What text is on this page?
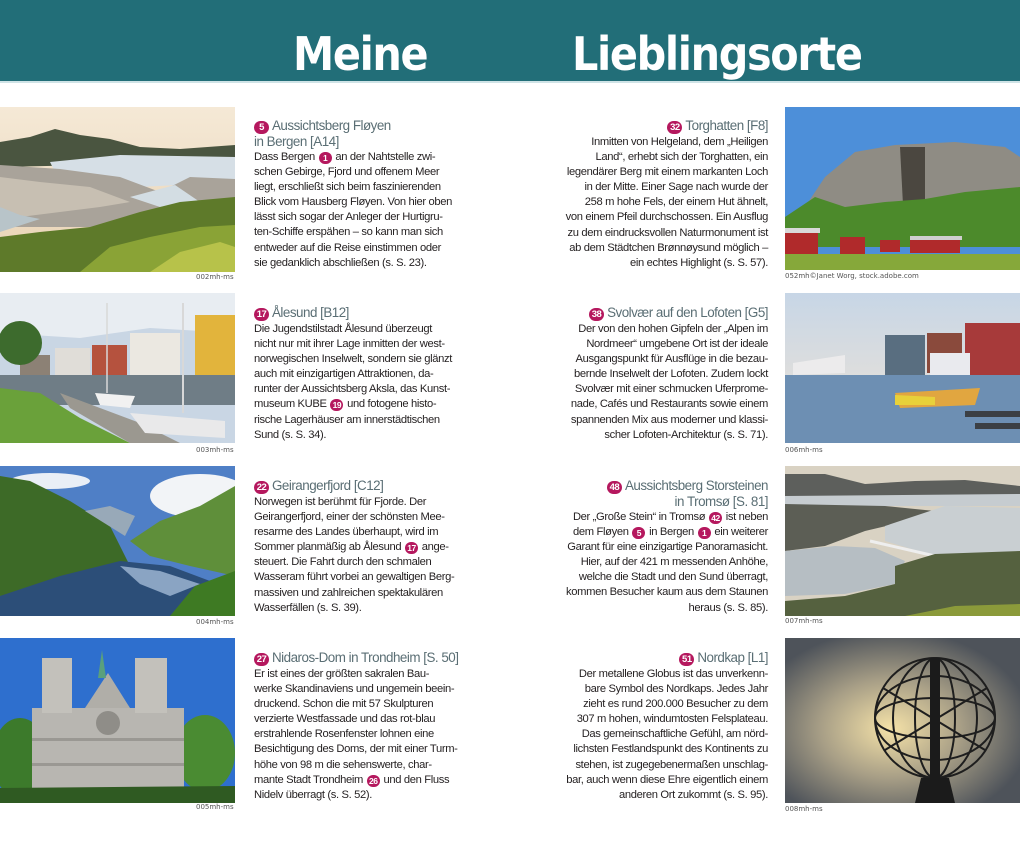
Meine	Lieblingsorte
002mh-ms
003mh-ms
004mh-ms
005mh-ms
052mh©Janet Worg, stock.adobe.com
006mh-ms
007mh-ms
008mh-ms
5 Aussichtsberg Fløyen
in Bergen [A14]
Dass Bergen 1 an der Nahtstelle zwi-
schen Gebirge, Fjord und offenem Meer
liegt, erschließt sich beim faszinierenden
Blick vom Hausberg Fløyen. Von hier oben
lässt sich sogar der Anleger der Hurtigru-
ten-Schiffe erspähen – so kann man sich
entweder auf die Reise einstimmen oder
sie gedanklich abschließen (s. S. 23).
17 Ålesund [B12]
Die Jugendstilstadt Ålesund überzeugt
nicht nur mit ihrer Lage inmitten der west-
norwegischen Inselwelt, sondern sie glänzt
auch mit einzigartigen Attraktionen, da-
runter der Aussichtsberg Aksla, das Kunst-
museum KUBE 19 und fotogene histo-
rische Lagerhäuser am innerstädtischen
Sund (s. S. 34).
22 Geirangerfjord [C12]
Norwegen ist berühmt für Fjorde. Der
Geirangerfjord, einer der schönsten Mee-
resarme des Landes überhaupt, wird im
Sommer planmäßig ab Ålesund 17 ange-
steuert. Die Fahrt durch den schmalen
Wasseram führt vorbei an gewaltigen Berg-
massiven und zahlreichen spektakulären
Wasserfällen (s. S. 39).
27 Nidaros-Dom in Trondheim [S. 50]
Er ist eines der größten sakralen Bau-
werke Skandinaviens und ungemein beein-
druckend. Schon die mit 57 Skulpturen
verzierte Westfassade und das rot-blau
erstrahlende Rosenfenster lohnen eine
Besichtigung des Doms, der mit einer Turm-
höhe von 98 m die sehenswerte, char-
mante Stadt Trondheim 26 und den Fluss
Nidelv überragt (s. S. 52).
32 Torghatten [F8]
Inmitten von Helgeland, dem „Heiligen
Land“, erhebt sich der Torghatten, ein
legendärer Berg mit einem markanten Loch
in der Mitte. Einer Sage nach wurde der
258 m hohe Fels, der einem Hut ähnelt,
von einem Pfeil durchschossen. Ein Ausflug
zu dem eindrucksvollen Naturmonument ist
ab dem Städtchen Brønnøysund möglich –
ein echtes Highlight (s. S. 57).
38 Svolvær auf den Lofoten [G5]
Der von den hohen Gipfeln der „Alpen im
Nordmeer“ umgebene Ort ist der ideale
Ausgangspunkt für Ausflüge in die bezau-
bernde Inselwelt der Lofoten. Zudem lockt
Svolvær mit einer schmucken Uferprome-
nade, Cafés und Restaurants sowie einem
spannenden Mix aus moderner und klassi-
scher Lofoten-Architektur (s. S. 71).
48 Aussichtsberg Storsteinen
in Tromsø [S. 81]
Der „Große Stein“ in Tromsø 42 ist neben
dem Fløyen 5 in Bergen 1 ein weiterer
Garant für eine einzigartige Panoramasicht.
Hier, auf der 421 m messenden Anhöhe,
welche die Stadt und den Sund überragt,
kommen Besucher kaum aus dem Staunen
heraus (s. S. 85).
51 Nordkap [L1]
Der metallene Globus ist das unverkenn-
bare Symbol des Nordkaps. Jedes Jahr
zieht es rund 200.000 Besucher zu dem
307 m hohen, windumtosten Felsplateau.
Das gemeinschaftliche Gefühl, am nörd-
lichsten Festlandspunkt des Kontinents zu
stehen, ist zugegebenermaßen unschlag-
bar, auch wenn diese Ehre eigentlich einem
anderen Ort zukommt (s. S. 95).
